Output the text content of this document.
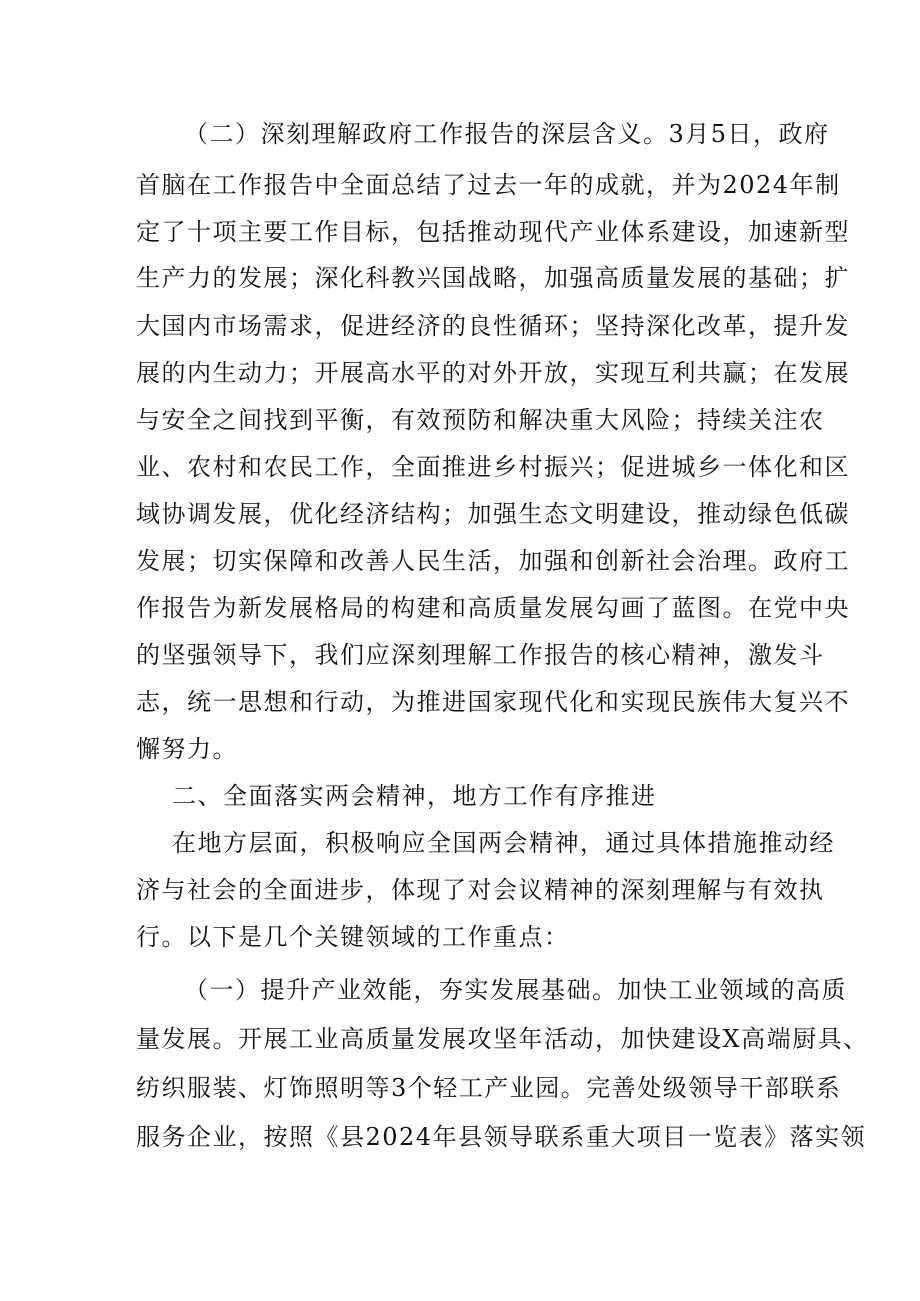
（二）深刻理解政府工作报告的深层含义。3月5日，政府
首脑在工作报告中全面总结了过去一年的成就，并为2024年制
定了十项主要工作目标，包括推动现代产业体系建设，加速新型
生产力的发展；深化科教兴国战略，加强高质量发展的基础；扩
大国内市场需求，促进经济的良性循环；坚持深化改革，提升发
展的内生动力；开展高水平的对外开放，实现互利共赢；在发展
与安全之间找到平衡，有效预防和解决重大风险；持续关注农
业、农村和农民工作，全面推进乡村振兴；促进城乡一体化和区
域协调发展，优化经济结构；加强生态文明建设，推动绿色低碳
发展；切实保障和改善人民生活，加强和创新社会治理。政府工
作报告为新发展格局的构建和高质量发展勾画了蓝图。在党中央
的坚强领导下，我们应深刻理解工作报告的核心精神，激发斗
志，统一思想和行动，为推进国家现代化和实现民族伟大复兴不
懈努力。
二、全面落实两会精神，地方工作有序推进
在地方层面，积极响应全国两会精神，通过具体措施推动经
济与社会的全面进步，体现了对会议精神的深刻理解与有效执
行。以下是几个关键领域的工作重点：
（一）提升产业效能，夯实发展基础。加快工业领域的高质
量发展。开展工业高质量发展攻坚年活动，加快建设X高端厨具、
纺织服装、灯饰照明等3个轻工产业园。完善处级领导干部联系
服务企业，按照《县2024年县领导联系重大项目一览表》落实领
